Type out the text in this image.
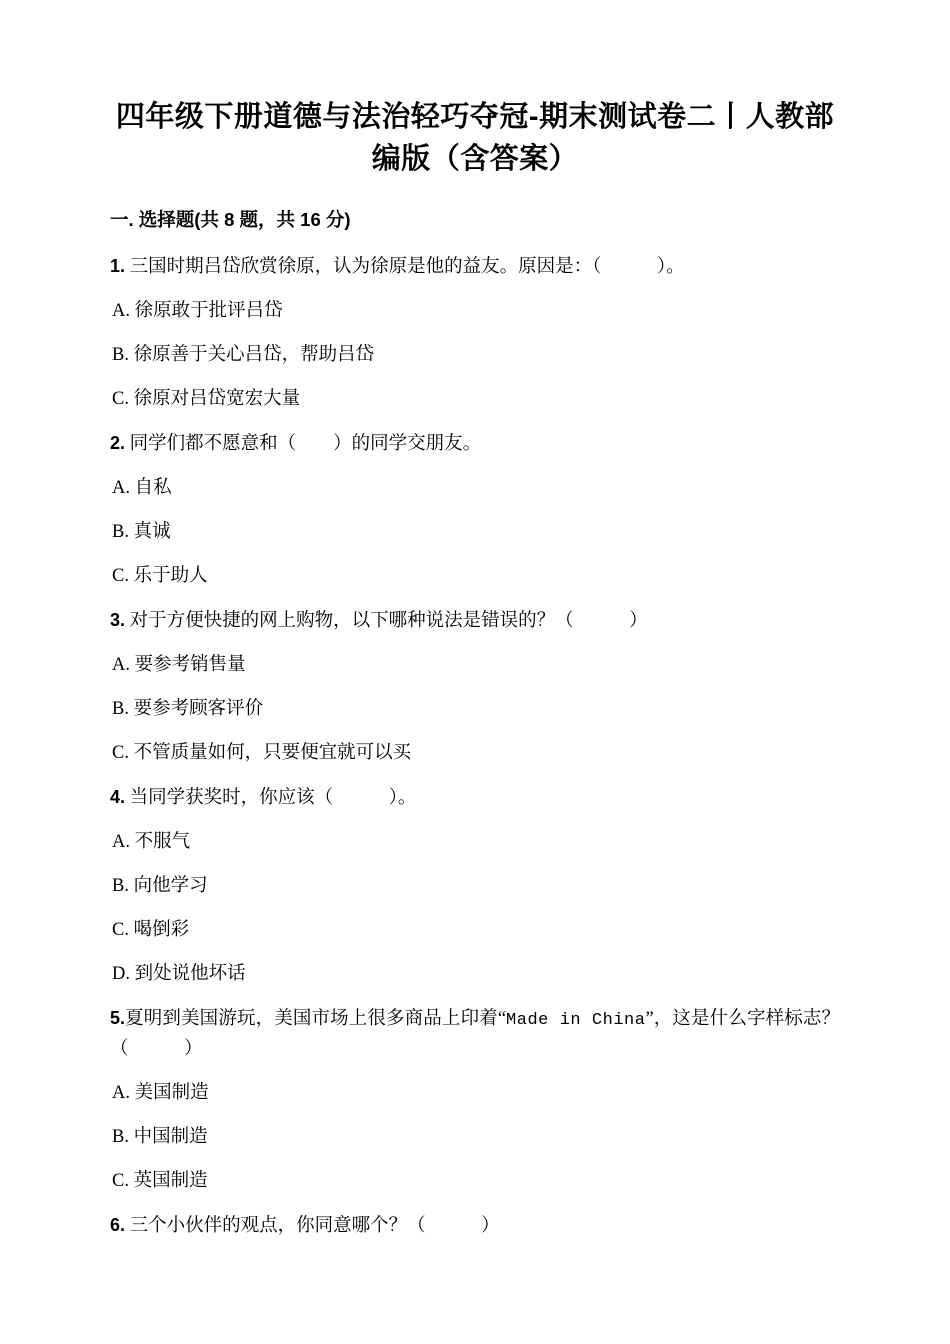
四年级下册道德与法治轻巧夺冠-期末测试卷二丨人教部编版（含答案）
一. 选择题(共 8 题，共 16 分)

1. 三国时期吕岱欣赏徐原，认为徐原是他的益友。原因是：（　　　）。

A. 徐原敢于批评吕岱

B. 徐原善于关心吕岱，帮助吕岱

C. 徐原对吕岱宽宏大量

2. 同学们都不愿意和（　　）的同学交朋友。

A. 自私

B. 真诚

C. 乐于助人

3. 对于方便快捷的网上购物，以下哪种说法是错误的？（　　　）

A. 要参考销售量

B. 要参考顾客评价

C. 不管质量如何，只要便宜就可以买

4. 当同学获奖时，你应该（　　　）。

A. 不服气

B. 向他学习

C. 喝倒彩

D. 到处说他坏话

5.夏明到美国游玩，美国市场上很多商品上印着“Made in China”，这是什么字样标志？（　　　）

A. 美国制造

B. 中国制造

C. 英国制造

6. 三个小伙伴的观点，你同意哪个？（　　　）
